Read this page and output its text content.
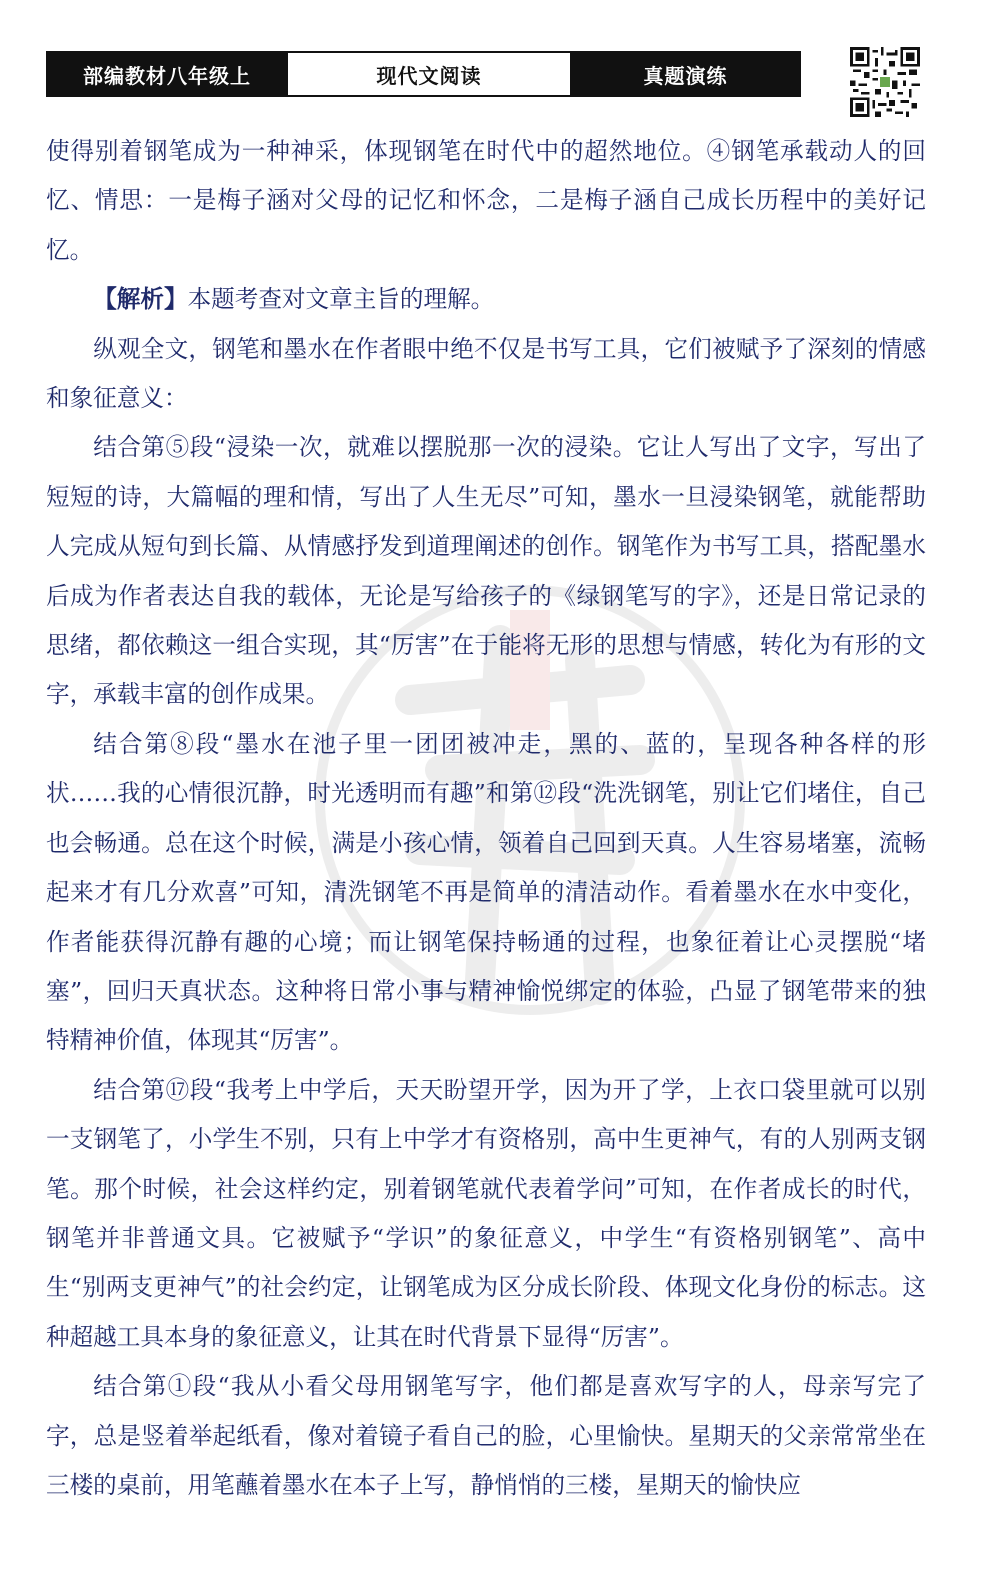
部编教材八年级上	现代文阅读	真题演练

使得别着钢笔成为一种神采，体现钢笔在时代中的超然地位。④钢笔承载动人的回忆、情思：一是梅子涵对父母的记忆和怀念，二是梅子涵自己成长历程中的美好记忆。

【解析】本题考查对文章主旨的理解。

纵观全文，钢笔和墨水在作者眼中绝不仅是书写工具，它们被赋予了深刻的情感和象征意义：

结合第⑤段“浸染一次，就难以摆脱那一次的浸染。它让人写出了文字，写出了短短的诗，大篇幅的理和情，写出了人生无尽”可知，墨水一旦浸染钢笔，就能帮助人完成从短句到长篇、从情感抒发到道理阐述的创作。钢笔作为书写工具，搭配墨水后成为作者表达自我的载体，无论是写给孩子的《绿钢笔写的字》，还是日常记录的思绪，都依赖这一组合实现，其“厉害”在于能将无形的思想与情感，转化为有形的文字，承载丰富的创作成果。

结合第⑧段“墨水在池子里一团团被冲走，黑的、蓝的，呈现各种各样的形状……我的心情很沉静，时光透明而有趣”和第⑫段“洗洗钢笔，别让它们堵住，自己也会畅通。总在这个时候，满是小孩心情，领着自己回到天真。人生容易堵塞，流畅起来才有几分欢喜”可知，清洗钢笔不再是简单的清洁动作。看着墨水在水中变化，作者能获得沉静有趣的心境；而让钢笔保持畅通的过程，也象征着让心灵摆脱“堵塞”，回归天真状态。这种将日常小事与精神愉悦绑定的体验，凸显了钢笔带来的独特精神价值，体现其“厉害”。

结合第⑰段“我考上中学后，天天盼望开学，因为开了学，上衣口袋里就可以别一支钢笔了，小学生不别，只有上中学才有资格别，高中生更神气，有的人别两支钢笔。那个时候，社会这样约定，别着钢笔就代表着学问”可知，在作者成长的时代，钢笔并非普通文具。它被赋予“学识”的象征意义，中学生“有资格别钢笔”、高中生“别两支更神气”的社会约定，让钢笔成为区分成长阶段、体现文化身份的标志。这种超越工具本身的象征意义，让其在时代背景下显得“厉害”。

结合第①段“我从小看父母用钢笔写字，他们都是喜欢写字的人，母亲写完了字，总是竖着举起纸看，像对着镜子看自己的脸，心里愉快。星期天的父亲常常坐在三楼的桌前，用笔蘸着墨水在本子上写，静悄悄的三楼，星期天的愉快应
